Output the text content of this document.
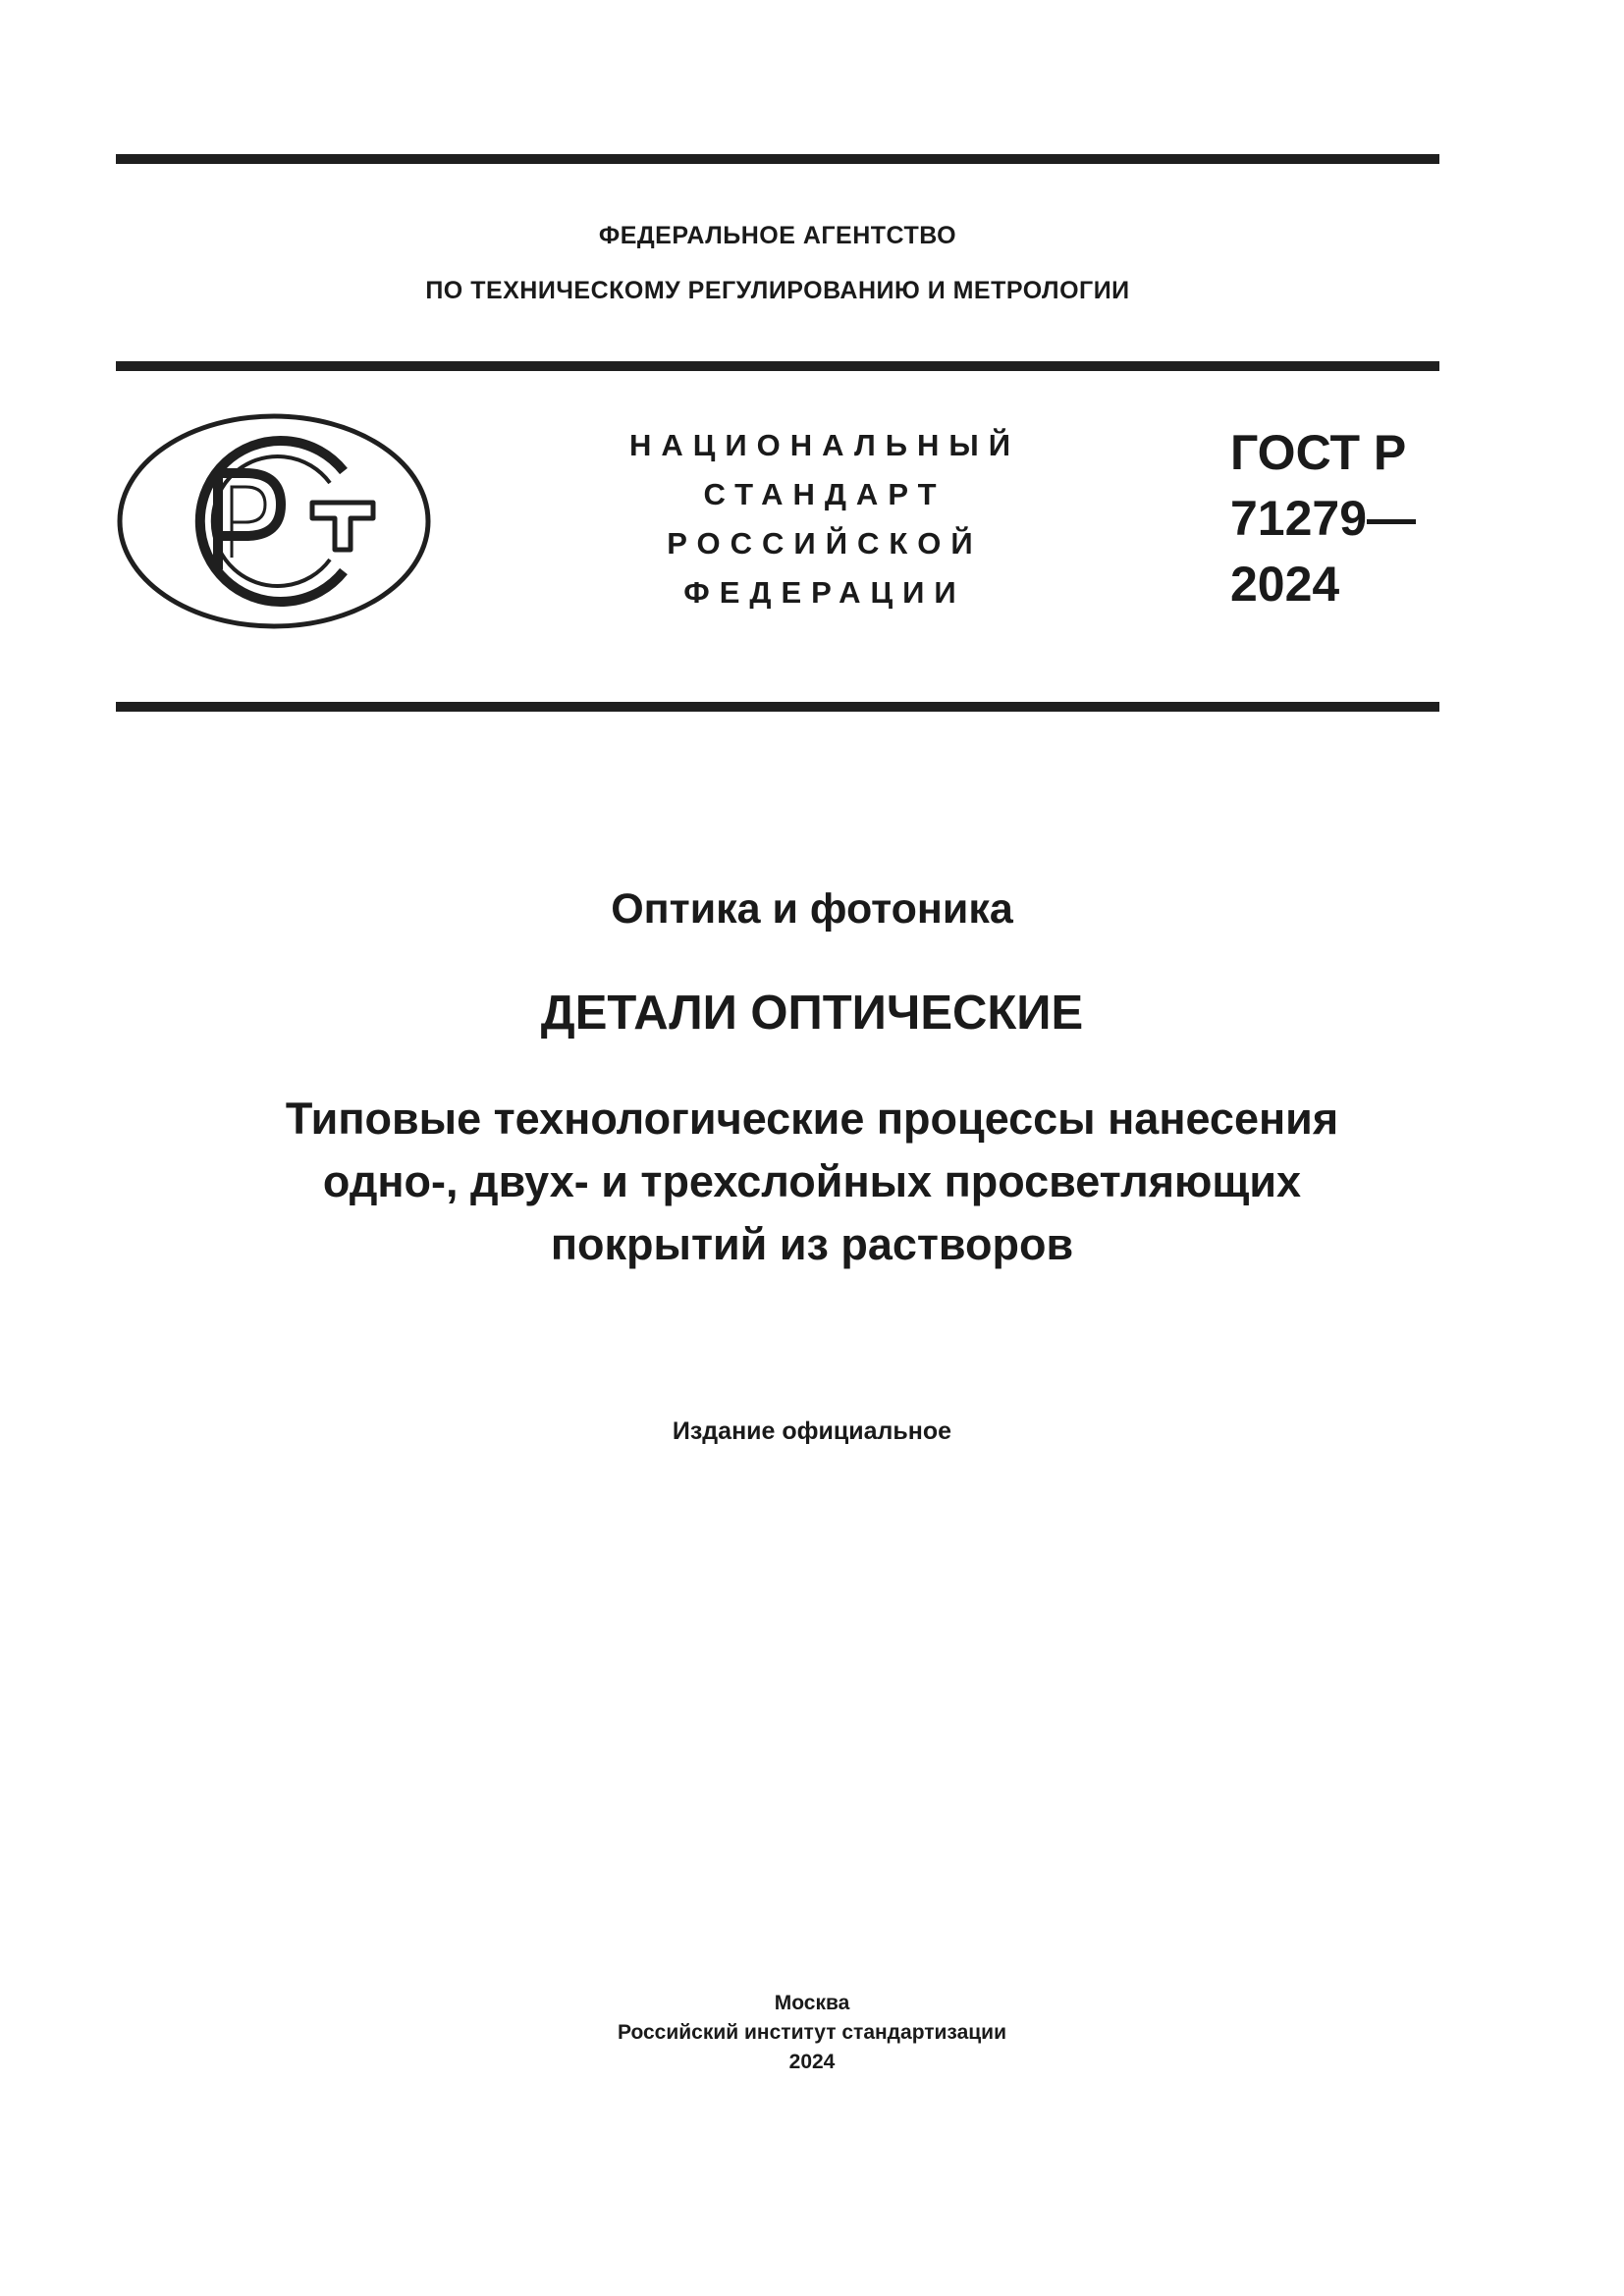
ФЕДЕРАЛЬНОЕ АГЕНТСТВО
ПО ТЕХНИЧЕСКОМУ РЕГУЛИРОВАНИЮ И МЕТРОЛОГИИ
НАЦИОНАЛЬНЫЙ
СТАНДАРТ
РОССИЙСКОЙ
ФЕДЕРАЦИИ
ГОСТ Р
71279—
2024
Оптика и фотоника
ДЕТАЛИ ОПТИЧЕСКИЕ
Типовые технологические процессы нанесения
одно-, двух- и трехслойных просветляющих
покрытий из растворов
Издание официальное
Москва
Российский институт стандартизации
2024
